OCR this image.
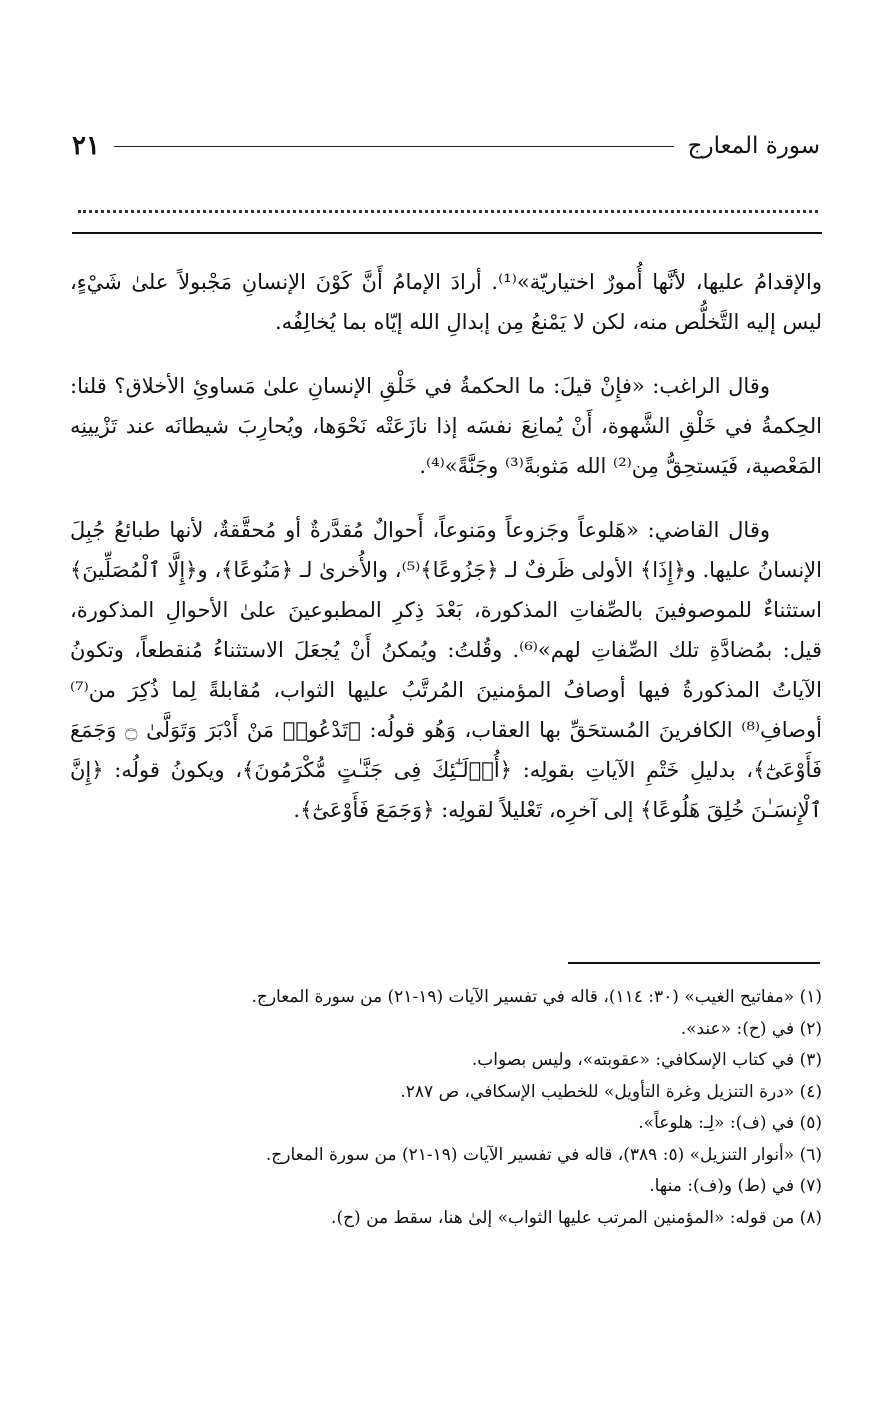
سورة المعارج
٢١

والإقدامُ عليها، لأنَّها أُمورٌ اختياريّة»⁽¹⁾. أرادَ الإمامُ أَنَّ كَوْنَ الإنسانِ مَجْبولاً علىٰ شَيْءٍ، ليس إليه التَّخلُّص منه، لكن لا يَمْنعُ مِن إبدالِ الله إيّاه بما يُخالِفُه.

وقال الراغب: «فإِنْ قيلَ: ما الحكمةُ في خَلْقِ الإنسانِ علىٰ مَساوئِ الأخلاق؟ قلنا: الحِكمةُ في خَلْقِ الشَّهوة، أَنْ يُمانِعَ نفسَه إذا نازَعَتْه نَحْوَها، ويُحارِبَ شيطانَه عند تَزْيينِه المَعْصية، فَيَستحِقُّ مِن⁽²⁾ الله مَثوبةً⁽³⁾ وجَنَّةً»⁽⁴⁾.

وقال القاضي: «هَلوعاً وجَزوعاً ومَنوعاً، أَحوالٌ مُقدَّرةٌ أو مُحقَّقةٌ، لأنها طبائعُ جُبِلَ الإنسانُ عليها. و﴿إِذَا﴾ الأولى ظَرفٌ لـ ﴿جَزُوعًا﴾⁽⁵⁾، والأُخرىٰ لـ ﴿مَنُوعًا﴾، و﴿إِلَّا ٱلْمُصَلِّينَ﴾ استثناءٌ للموصوفينَ بالصِّفاتِ المذكورة، بَعْدَ ذِكرِ المطبوعينَ علىٰ الأحوالِ المذكورة، قيل: بمُضادَّةِ تلك الصِّفاتِ لهم»⁽⁶⁾. وقُلتُ: ويُمكنُ أَنْ يُجعَلَ الاستثناءُ مُنقطعاً، وتكونُ الآياتُ المذكورةُ فيها أوصافُ المؤمنينَ المُرتَّبُ عليها الثواب، مُقابلةً لِما ذُكِرَ من⁽⁷⁾ أوصافِ⁽⁸⁾ الكافرينَ المُستحَقِّ بها العقاب، وَهُو قولُه: ﴿تَدْعُوا۟ مَنْ أَدْبَرَ وَتَوَلَّىٰ ۝ وَجَمَعَ فَأَوْعَىٰٓ﴾، بدليلِ خَتْمِ الآياتِ بقولِه: ﴿أُو۟لَـٰٓئِكَ فِى جَنَّـٰتٍ مُّكْرَمُونَ﴾، ويكونُ قولُه: ﴿إِنَّ ٱلْإِنسَـٰنَ خُلِقَ هَلُوعًا﴾ إلى آخرِه، تَعْليلاً لقولِه: ﴿وَجَمَعَ فَأَوْعَىٰٓ﴾.

(١) «مفاتيح الغيب» (٣٠: ١١٤)، قاله في تفسير الآيات (١٩-٢١) من سورة المعارج.

(٢) في (ح): «عند».

(٣) في كتاب الإسكافي: «عقوبته»، وليس بصواب.

(٤) «درة التنزيل وغرة التأويل» للخطيب الإسكافي، ص ٢٨٧.

(٥) في (ف): «لِـ: هلوعاً».

(٦) «أنوار التنزيل» (٥: ٣٨٩)، قاله في تفسير الآيات (١٩-٢١) من سورة المعارج.

(٧) في (ط) و(ف): منها.

(٨) من قوله: «المؤمنين المرتب عليها الثواب» إلىٰ هنا، سقط من (ح).
